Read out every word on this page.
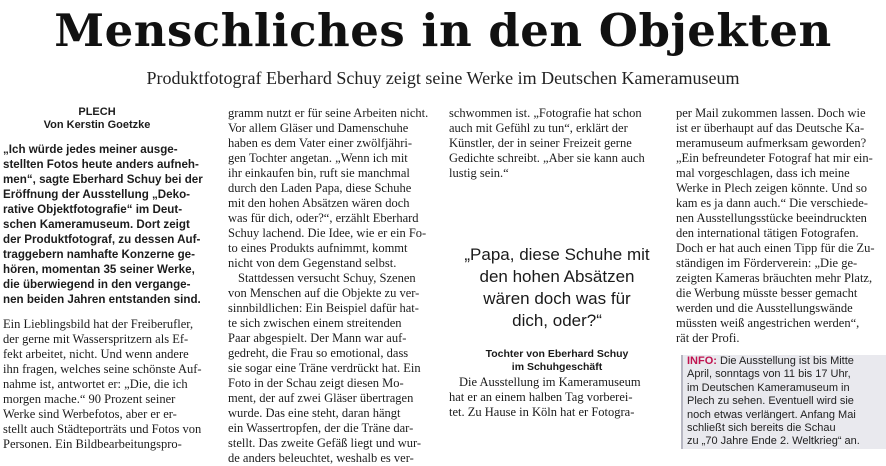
Menschliches in den Objekten
Produktfotograf Eberhard Schuy zeigt seine Werke im Deutschen Kameramuseum
PLECH
Von Kerstin Goetzke
„Ich würde jedes meiner ausge-
stellten Fotos heute anders aufneh-
men“, sagte Eberhard Schuy bei der
Eröffnung der Ausstellung „Deko-
rative Objektfotografie“ im Deut-
schen Kameramuseum. Dort zeigt
der Produktfotograf, zu dessen Auf-
traggebern namhafte Konzerne ge-
hören, momentan 35 seiner Werke,
die überwiegend in den vergange-
nen beiden Jahren entstanden sind.
Ein Lieblingsbild hat der Freiberufler,
der gerne mit Wasserspritzern als Ef-
fekt arbeitet, nicht. Und wenn andere
ihn fragen, welches seine schönste Auf-
nahme ist, antwortet er: „Die, die ich
morgen mache.“ 90 Prozent seiner
Werke sind Werbefotos, aber er er-
stellt auch Städteporträts und Fotos von
Personen. Ein Bildbearbeitungspro-
gramm nutzt er für seine Arbeiten nicht.
Vor allem Gläser und Damenschuhe
haben es dem Vater einer zwölfjähri-
gen Tochter angetan. „Wenn ich mit
ihr einkaufen bin, ruft sie manchmal
durch den Laden Papa, diese Schuhe
mit den hohen Absätzen wären doch
was für dich, oder?“, erzählt Eberhard
Schuy lachend. Die Idee, wie er ein Fo-
to eines Produkts aufnimmt, kommt
nicht von dem Gegenstand selbst.
Stattdessen versucht Schuy, Szenen
von Menschen auf die Objekte zu ver-
sinnbildlichen: Ein Beispiel dafür hat-
te sich zwischen einem streitenden
Paar abgespielt. Der Mann war auf-
gedreht, die Frau so emotional, dass
sie sogar eine Träne verdrückt hat. Ein
Foto in der Schau zeigt diesen Mo-
ment, der auf zwei Gläser übertragen
wurde. Das eine steht, daran hängt
ein Wassertropfen, der die Träne dar-
stellt. Das zweite Gefäß liegt und wur-
de anders beleuchtet, weshalb es ver-
schwommen ist. „Fotografie hat schon
auch mit Gefühl zu tun“, erklärt der
Künstler, der in seiner Freizeit gerne
Gedichte schreibt. „Aber sie kann auch
lustig sein.“
„Papa, diese Schuhe mit
den hohen Absätzen
wären doch was für
dich, oder?“
Tochter von Eberhard Schuy
im Schuhgeschäft
Die Ausstellung im Kameramuseum
hat er an einem halben Tag vorberei-
tet. Zu Hause in Köln hat er Fotogra-
per Mail zukommen lassen. Doch wie
ist er überhaupt auf das Deutsche Ka-
meramuseum aufmerksam geworden?
„Ein befreundeter Fotograf hat mir ein-
mal vorgeschlagen, dass ich meine
Werke in Plech zeigen könnte. Und so
kam es ja dann auch.“ Die verschiede-
nen Ausstellungsstücke beeindruckten
den international tätigen Fotografen.
Doch er hat auch einen Tipp für die Zu-
ständigen im Förderverein: „Die ge-
zeigten Kameras bräuchten mehr Platz,
die Werbung müsste besser gemacht
werden und die Ausstellungswände
müssten weiß angestrichen werden“,
rät der Profi.
INFO: Die Ausstellung ist bis Mitte
April, sonntags von 11 bis 17 Uhr,
im Deutschen Kameramuseum in
Plech zu sehen. Eventuell wird sie
noch etwas verlängert. Anfang Mai
schließt sich bereits die Schau
zu „70 Jahre Ende 2. Weltkrieg“ an.
